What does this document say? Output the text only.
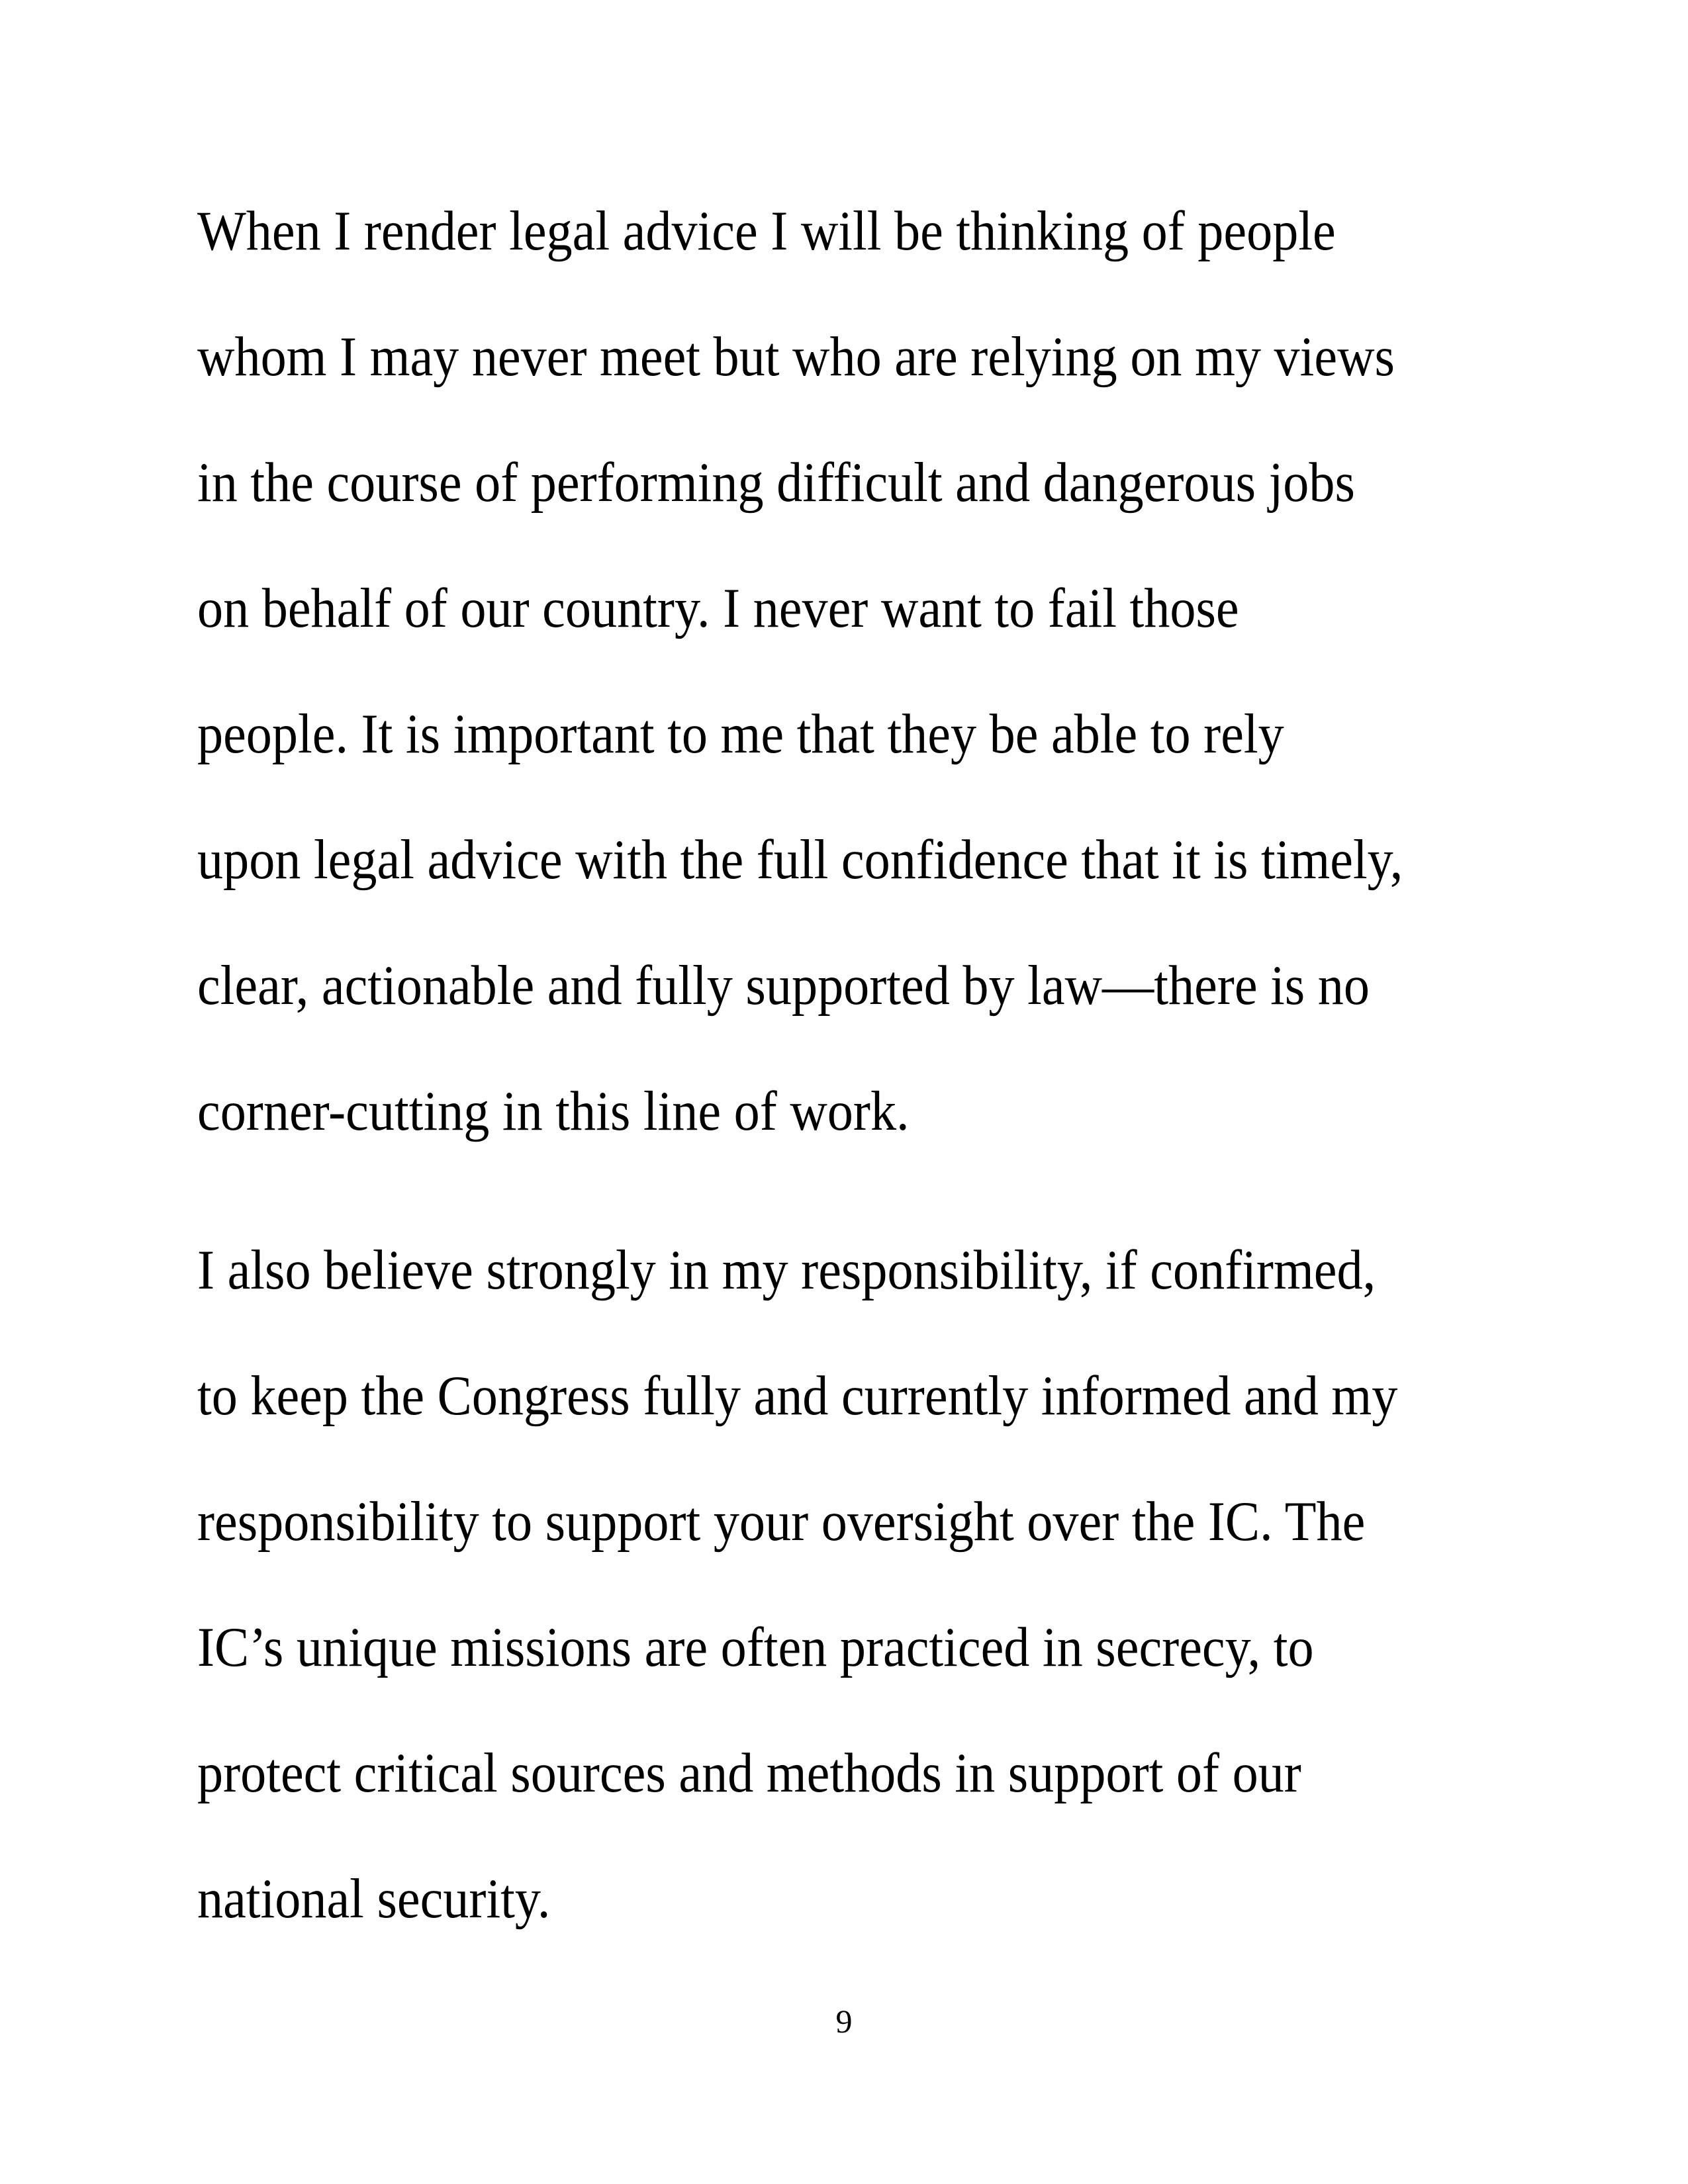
When I render legal advice I will be thinking of people
whom I may never meet but who are relying on my views
in the course of performing difficult and dangerous jobs
on behalf of our country. I never want to fail those
people. It is important to me that they be able to rely
upon legal advice with the full confidence that it is timely,
clear, actionable and fully supported by law—there is no
corner-cutting in this line of work.
I also believe strongly in my responsibility, if confirmed,
to keep the Congress fully and currently informed and my
responsibility to support your oversight over the IC. The
IC’s unique missions are often practiced in secrecy, to
protect critical sources and methods in support of our
national security.
9
